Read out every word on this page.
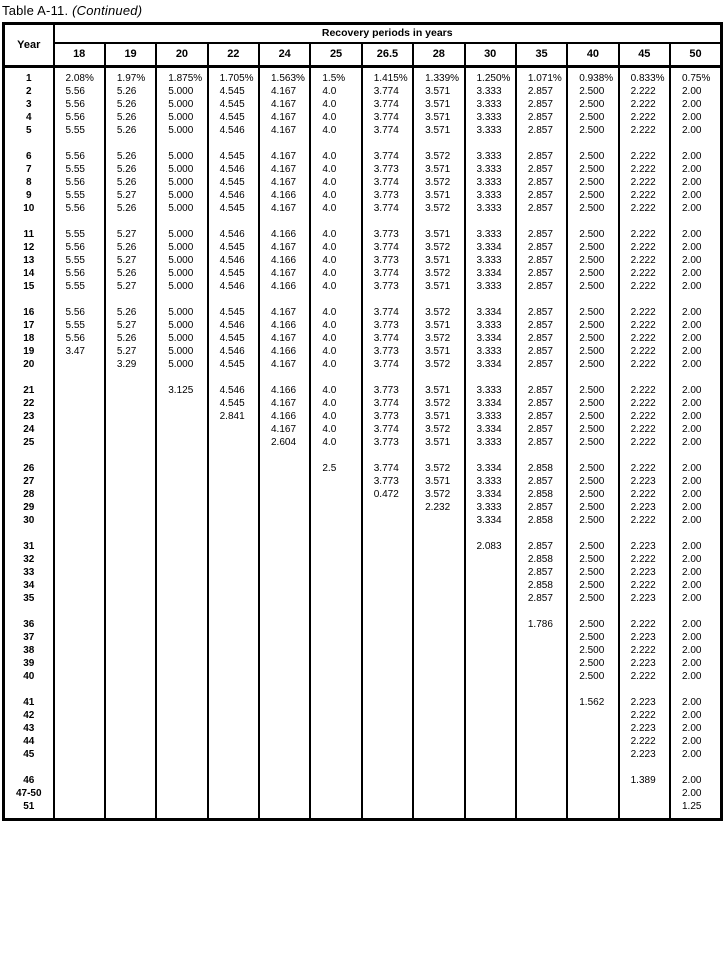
Table A-11. (Continued)
Year	Recovery periods in years												
	18	19	20	22	24	25	26.5	28	30	35	40	45	50

1	2.08%	1.97%	1.875%	1.705%	1.563%	1.5%	1.415%	1.339%	1.250%	1.071%	0.938%	0.833%	0.75%
2	5.56	5.26	5.000	4.545	4.167	4.0	3.774	3.571	3.333	2.857	2.500	2.222	2.00
3	5.56	5.26	5.000	4.545	4.167	4.0	3.774	3.571	3.333	2.857	2.500	2.222	2.00
4	5.56	5.26	5.000	4.545	4.167	4.0	3.774	3.571	3.333	2.857	2.500	2.222	2.00
5	5.55	5.26	5.000	4.546	4.167	4.0	3.774	3.571	3.333	2.857	2.500	2.222	2.00

6	5.56	5.26	5.000	4.545	4.167	4.0	3.774	3.572	3.333	2.857	2.500	2.222	2.00
7	5.55	5.26	5.000	4.546	4.167	4.0	3.773	3.571	3.333	2.857	2.500	2.222	2.00
8	5.56	5.26	5.000	4.545	4.167	4.0	3.774	3.572	3.333	2.857	2.500	2.222	2.00
9	5.55	5.27	5.000	4.546	4.166	4.0	3.773	3.571	3.333	2.857	2.500	2.222	2.00
10	5.56	5.26	5.000	4.545	4.167	4.0	3.774	3.572	3.333	2.857	2.500	2.222	2.00

11	5.55	5.27	5.000	4.546	4.166	4.0	3.773	3.571	3.333	2.857	2.500	2.222	2.00
12	5.56	5.26	5.000	4.545	4.167	4.0	3.774	3.572	3.334	2.857	2.500	2.222	2.00
13	5.55	5.27	5.000	4.546	4.166	4.0	3.773	3.571	3.333	2.857	2.500	2.222	2.00
14	5.56	5.26	5.000	4.545	4.167	4.0	3.774	3.572	3.334	2.857	2.500	2.222	2.00
15	5.55	5.27	5.000	4.546	4.166	4.0	3.773	3.571	3.333	2.857	2.500	2.222	2.00

16	5.56	5.26	5.000	4.545	4.167	4.0	3.774	3.572	3.334	2.857	2.500	2.222	2.00
17	5.55	5.27	5.000	4.546	4.166	4.0	3.773	3.571	3.333	2.857	2.500	2.222	2.00
18	5.56	5.26	5.000	4.545	4.167	4.0	3.774	3.572	3.334	2.857	2.500	2.222	2.00
19	3.47	5.27	5.000	4.546	4.166	4.0	3.773	3.571	3.333	2.857	2.500	2.222	2.00
20		3.29	5.000	4.545	4.167	4.0	3.774	3.572	3.334	2.857	2.500	2.222	2.00

21			3.125	4.546	4.166	4.0	3.773	3.571	3.333	2.857	2.500	2.222	2.00
22				4.545	4.167	4.0	3.774	3.572	3.334	2.857	2.500	2.222	2.00
23				2.841	4.166	4.0	3.773	3.571	3.333	2.857	2.500	2.222	2.00
24					4.167	4.0	3.774	3.572	3.334	2.857	2.500	2.222	2.00
25					2.604	4.0	3.773	3.571	3.333	2.857	2.500	2.222	2.00

26						2.5	3.774	3.572	3.334	2.858	2.500	2.222	2.00
27							3.773	3.571	3.333	2.857	2.500	2.223	2.00
28							0.472	3.572	3.334	2.858	2.500	2.222	2.00
29								2.232	3.333	2.857	2.500	2.223	2.00
30									3.334	2.858	2.500	2.222	2.00

31									2.083	2.857	2.500	2.223	2.00
32										2.858	2.500	2.222	2.00
33										2.857	2.500	2.223	2.00
34										2.858	2.500	2.222	2.00
35										2.857	2.500	2.223	2.00

36										1.786	2.500	2.222	2.00
37											2.500	2.223	2.00
38											2.500	2.222	2.00
39											2.500	2.223	2.00
40											2.500	2.222	2.00

41											1.562	2.223	2.00
42												2.222	2.00
43												2.223	2.00
44												2.222	2.00
45												2.223	2.00

46												1.389	2.00
47-50													2.00
51													1.25
